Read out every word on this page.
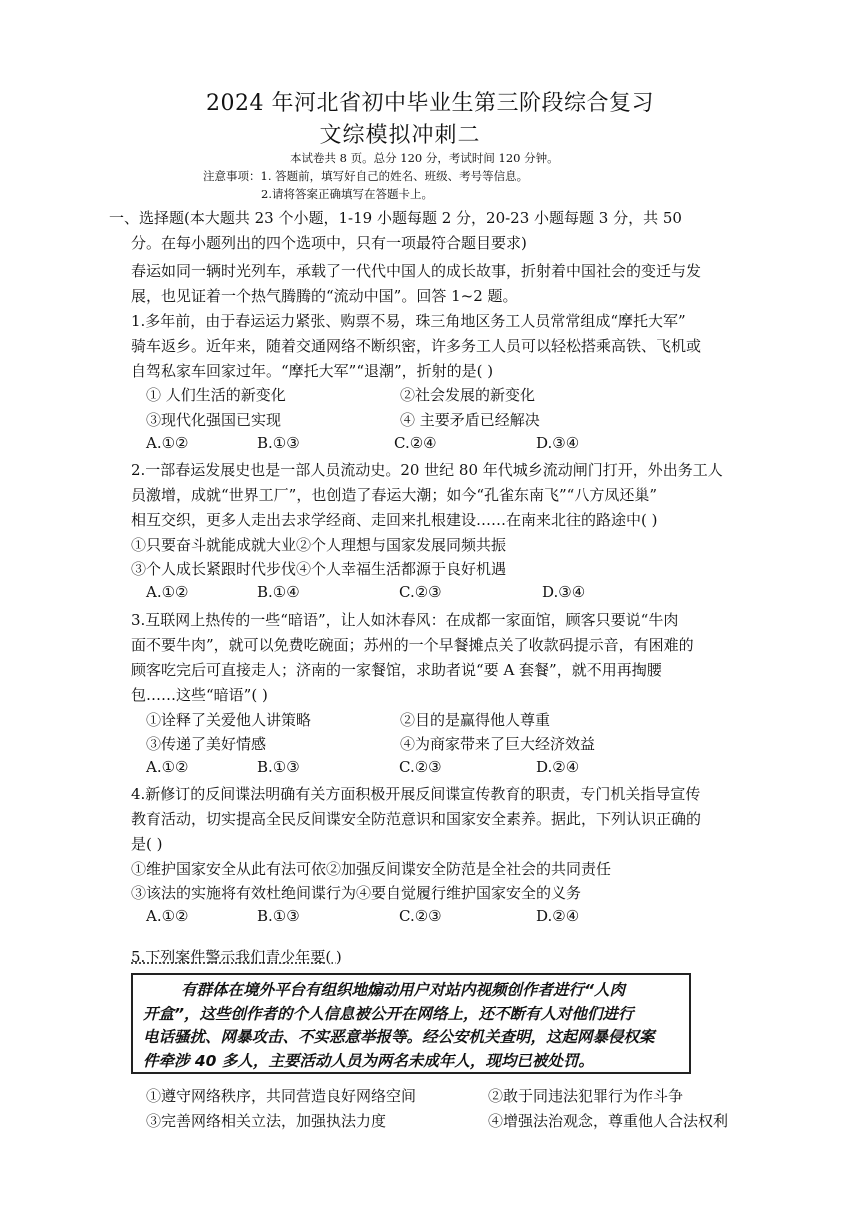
2024 年河北省初中毕业生第三阶段综合复习
文综模拟冲刺二
本试卷共 8 页。总分 120 分，考试时间 120 分钟。
注意事项：1. 答题前，填写好自己的姓名、班级、考号等信息。
2.请将答案正确填写在答题卡上。
一、选择题(本大题共 23 个小题，1-19 小题每题 2 分，20-23 小题每题 3 分，共 50
分。在每小题列出的四个选项中，只有一项最符合题目要求)
春运如同一辆时光列车，承载了一代代中国人的成长故事，折射着中国社会的变迁与发
展，也见证着一个热气腾腾的“流动中国”。回答 1~2 题。
1.多年前，由于春运运力紧张、购票不易，珠三角地区务工人员常常组成“摩托大军”
骑车返乡。近年来，随着交通网络不断织密，许多务工人员可以轻松搭乘高铁、飞机或
自驾私家车回家过年。“摩托大军”“退潮”，折射的是( )
① 人们生活的新变化	②社会发展的新变化
③现代化强国已实现	④ 主要矛盾已经解决
A.①②	B.①③	C.②④	D.③④
2.一部春运发展史也是一部人员流动史。20 世纪 80 年代城乡流动闸门打开，外出务工人
员激增，成就“世界工厂”，也创造了春运大潮；如今“孔雀东南飞”“八方凤还巢”
相互交织，更多人走出去求学经商、走回来扎根建设……在南来北往的路途中( )
①只要奋斗就能成就大业②个人理想与国家发展同频共振
③个人成长紧跟时代步伐④个人幸福生活都源于良好机遇
A.①②	B.①④	C.②③	D.③④
3.互联网上热传的一些“暗语”，让人如沐春风：在成都一家面馆，顾客只要说“牛肉
面不要牛肉”，就可以免费吃碗面；苏州的一个早餐摊点关了收款码提示音，有困难的
顾客吃完后可直接走人；济南的一家餐馆，求助者说“要 A 套餐”，就不用再掏腰
包……这些“暗语”( )
①诠释了关爱他人讲策略	②目的是赢得他人尊重
③传递了美好情感	④为商家带来了巨大经济效益
A.①②	B.①③	C.②③	D.②④
4.新修订的反间谍法明确有关方面积极开展反间谍宣传教育的职责，专门机关指导宣传
教育活动，切实提高全民反间谍安全防范意识和国家安全素养。据此，下列认识正确的
是( )
①维护国家安全从此有法可依②加强反间谍安全防范是全社会的共同责任
③该法的实施将有效杜绝间谍行为④要自觉履行维护国家安全的义务
A.①②	B.①③	C.②③	D.②④
5.下列案件警示我们青少年要( )

有群体在境外平台有组织地煽动用户对站内视频创作者进行“人肉

开盒”，这些创作者的个人信息被公开在网络上，还不断有人对他们进行

电话骚扰、网暴攻击、不实恶意举报等。经公安机关查明，这起网暴侵权案

件牵涉 40 多人，主要活动人员为两名未成年人，现均已被处罚。

①遵守网络秩序，共同营造良好网络空间	②敢于同违法犯罪行为作斗争
③完善网络相关立法，加强执法力度	④增强法治观念，尊重他人合法权利
